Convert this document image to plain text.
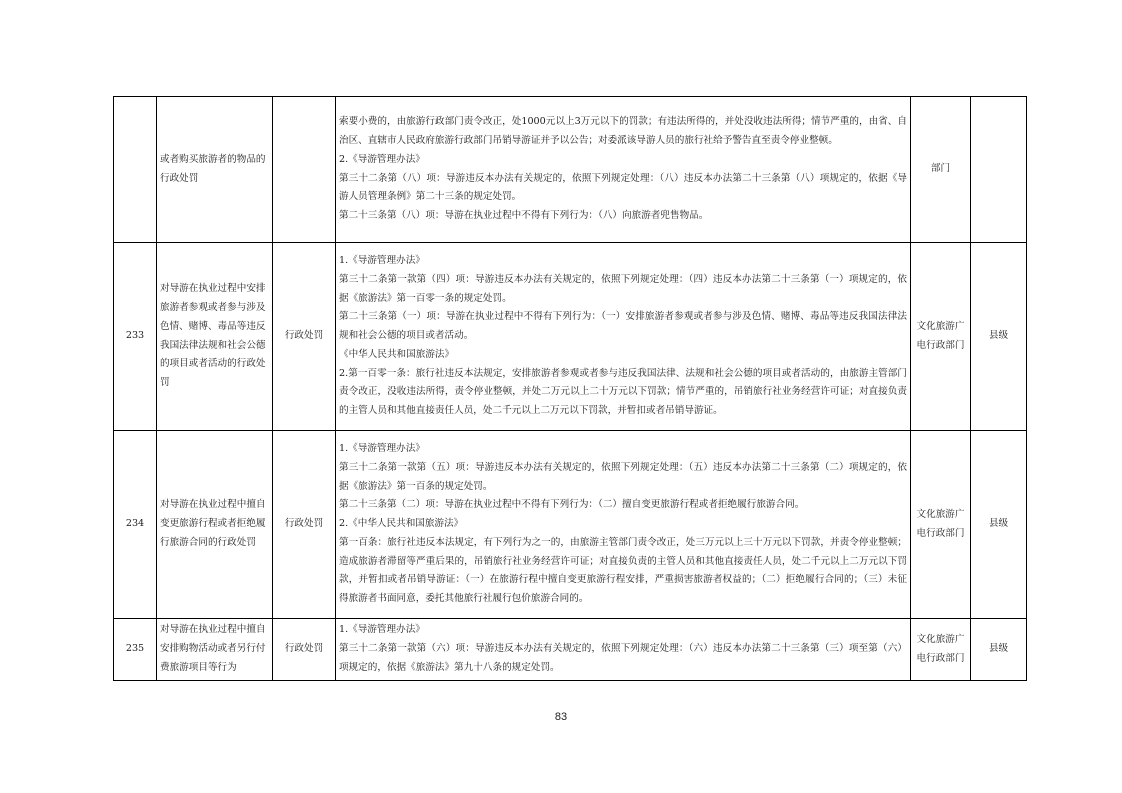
	或者购买旅游者的物品的行政处罚		索要小费的，由旅游行政部门责令改正，处1000元以上3万元以下的罚款；有违法所得的，并处没收违法所得；情节严重的，由省、自治区、直辖市人民政府旅游行政部门吊销导游证并予以公告；对委派该导游人员的旅行社给予警告直至责令停业整顿。
2.《导游管理办法》
第三十二条第（八）项：导游违反本办法有关规定的，依照下列规定处理：（八）违反本办法第二十三条第（八）项规定的，依据《导游人员管理条例》第二十三条的规定处罚。
第二十三条第（八）项：导游在执业过程中不得有下列行为：（八）向旅游者兜售物品。	部门	
233	对导游在执业过程中安排旅游者参观或者参与涉及色情、赌博、毒品等违反我国法律法规和社会公德的项目或者活动的行政处罚	行政处罚	1.《导游管理办法》
第三十二条第一款第（四）项：导游违反本办法有关规定的，依照下列规定处理：（四）违反本办法第二十三条第（一）项规定的，依据《旅游法》第一百零一条的规定处罚。
第二十三条第（一）项：导游在执业过程中不得有下列行为：（一）安排旅游者参观或者参与涉及色情、赌博、毒品等违反我国法律法规和社会公德的项目或者活动。
《中华人民共和国旅游法》
2.第一百零一条：旅行社违反本法规定，安排旅游者参观或者参与违反我国法律、法规和社会公德的项目或者活动的，由旅游主管部门责令改正，没收违法所得，责令停业整顿，并处二万元以上二十万元以下罚款；情节严重的，吊销旅行社业务经营许可证；对直接负责的主管人员和其他直接责任人员，处二千元以上二万元以下罚款，并暂扣或者吊销导游证。	文化旅游广电行政部门	县级
234	对导游在执业过程中擅自变更旅游行程或者拒绝履行旅游合同的行政处罚	行政处罚	1.《导游管理办法》
第三十二条第一款第（五）项：导游违反本办法有关规定的，依照下列规定处理：（五）违反本办法第二十三条第（二）项规定的，依据《旅游法》第一百条的规定处罚。
第二十三条第（二）项：导游在执业过程中不得有下列行为：（二）擅自变更旅游行程或者拒绝履行旅游合同。
2.《中华人民共和国旅游法》
第一百条：旅行社违反本法规定，有下列行为之一的，由旅游主管部门责令改正，处三万元以上三十万元以下罚款，并责令停业整顿；造成旅游者滞留等严重后果的，吊销旅行社业务经营许可证；对直接负责的主管人员和其他直接责任人员，处二千元以上二万元以下罚款，并暂扣或者吊销导游证：（一）在旅游行程中擅自变更旅游行程安排，严重损害旅游者权益的；（二）拒绝履行合同的；（三）未征得旅游者书面同意，委托其他旅行社履行包价旅游合同的。	文化旅游广电行政部门	县级
235	对导游在执业过程中擅自安排购物活动或者另行付费旅游项目等行为	行政处罚	1.《导游管理办法》
第三十二条第一款第（六）项：导游违反本办法有关规定的，依照下列规定处理：（六）违反本办法第二十三条第（三）项至第（六）项规定的，依据《旅游法》第九十八条的规定处罚。	文化旅游广电行政部门	县级
83
